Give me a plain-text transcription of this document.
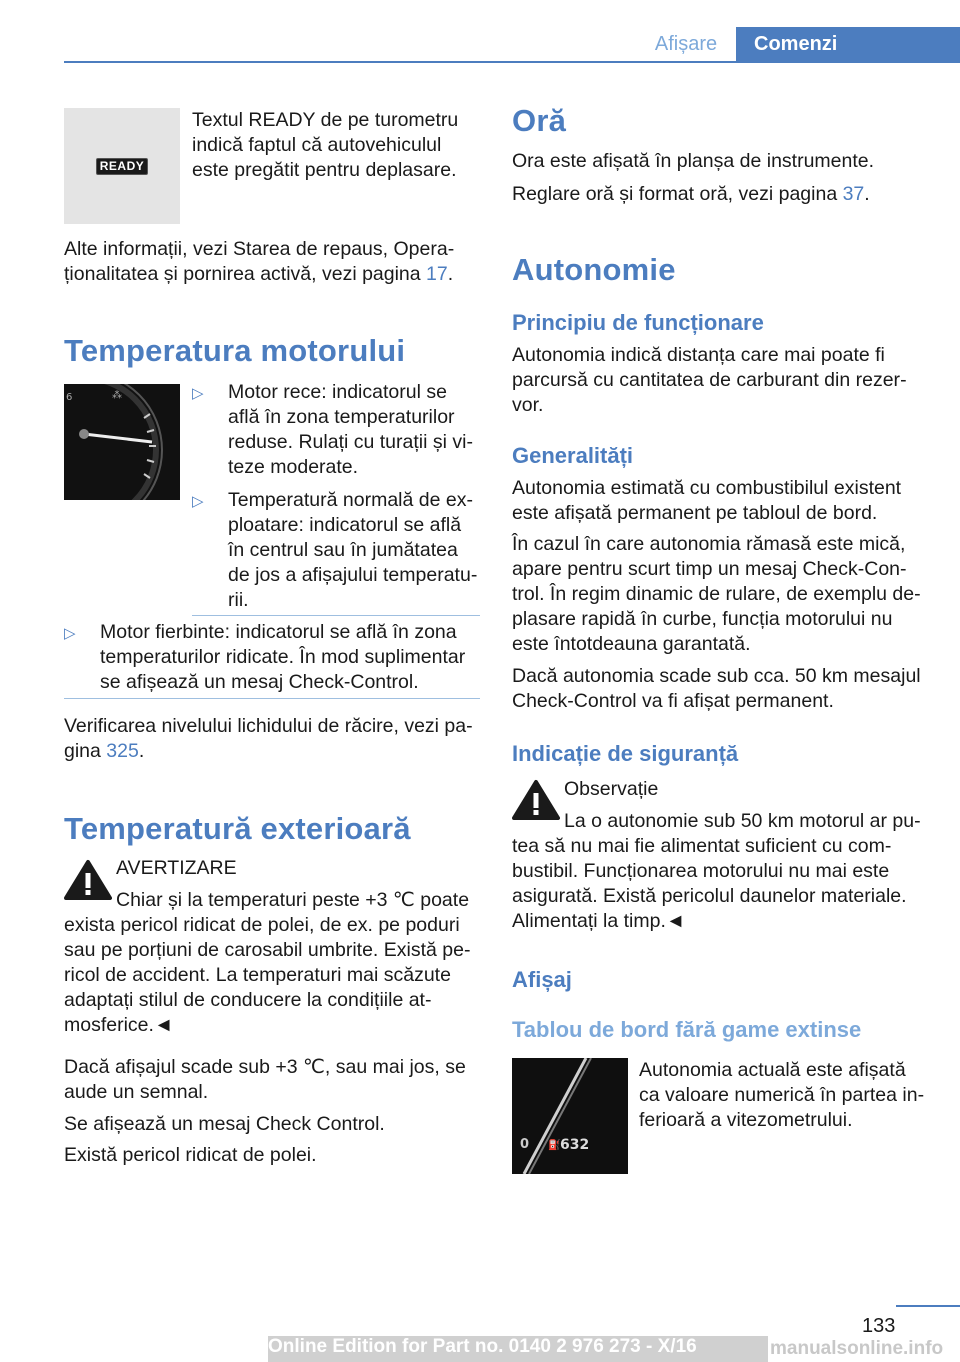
Afișare	Comenzi
READY
Textul READY de pe turometru indică faptul că autovehiculul este pregătit pentru deplasare.
Alte informații, vezi Starea de repaus, Operaționalitatea și pornirea activă, vezi pagina 17.
Temperatura motorului
⁂
6	▷ Motor rece: indicatorul se află în zona temperaturilor reduse. Rulați cu turații și viteze moderate.
▷ Temperatură normală de exploatare: indicatorul se află în centrul sau în jumătatea de jos a afișajului temperaturii.
▷ Motor fierbinte: indicatorul se află în zona temperaturilor ridicate. În mod suplimentar se afișează un mesaj Check-Control.
Verificarea nivelului lichidului de răcire, vezi pagina 325.
Temperatură exterioară
AVERTIZARE
Chiar și la temperaturi peste +3 ℃ poate exista pericol ridicat de polei, de ex. pe poduri sau pe porțiuni de carosabil umbrite. Există pericol de accident. La temperaturi mai scăzute adaptați stilul de conducere la condițiile atmosferice.◄
Dacă afișajul scade sub +3 ℃, sau mai jos, se aude un semnal.
Se afișează un mesaj Check Control.
Există pericol ridicat de polei.
Oră
Ora este afișată în planșa de instrumente.
Reglare oră și format oră, vezi pagina 37.
Autonomie
Principiu de funcționare
Autonomia indică distanța care mai poate fi parcursă cu cantitatea de carburant din rezervor.
Generalități
Autonomia estimată cu combustibilul existent este afișată permanent pe tabloul de bord.
În cazul în care autonomia rămasă este mică, apare pentru scurt timp un mesaj Check-Control. În regim dinamic de rulare, de exemplu deplasare rapidă în curbe, funcția motorului nu este întotdeauna garantată.
Dacă autonomia scade sub cca. 50 km mesajul Check-Control va fi afișat permanent.
Indicație de siguranță
Observație
La o autonomie sub 50 km motorul ar putea să nu mai fie alimentat suficient cu combustibil. Funcționarea motorului nu mai este asigurată. Există pericolul daunelor materiale. Alimentați la timp.◄
Afișaj
Tablou de bord fără game extinse
0 ⛽ 632
Autonomia actuală este afișată ca valoare numerică în partea inferioară a vitezometrului.
133
Online Edition for Part no. 0140 2 976 273 - X/16	manualsonline.info
